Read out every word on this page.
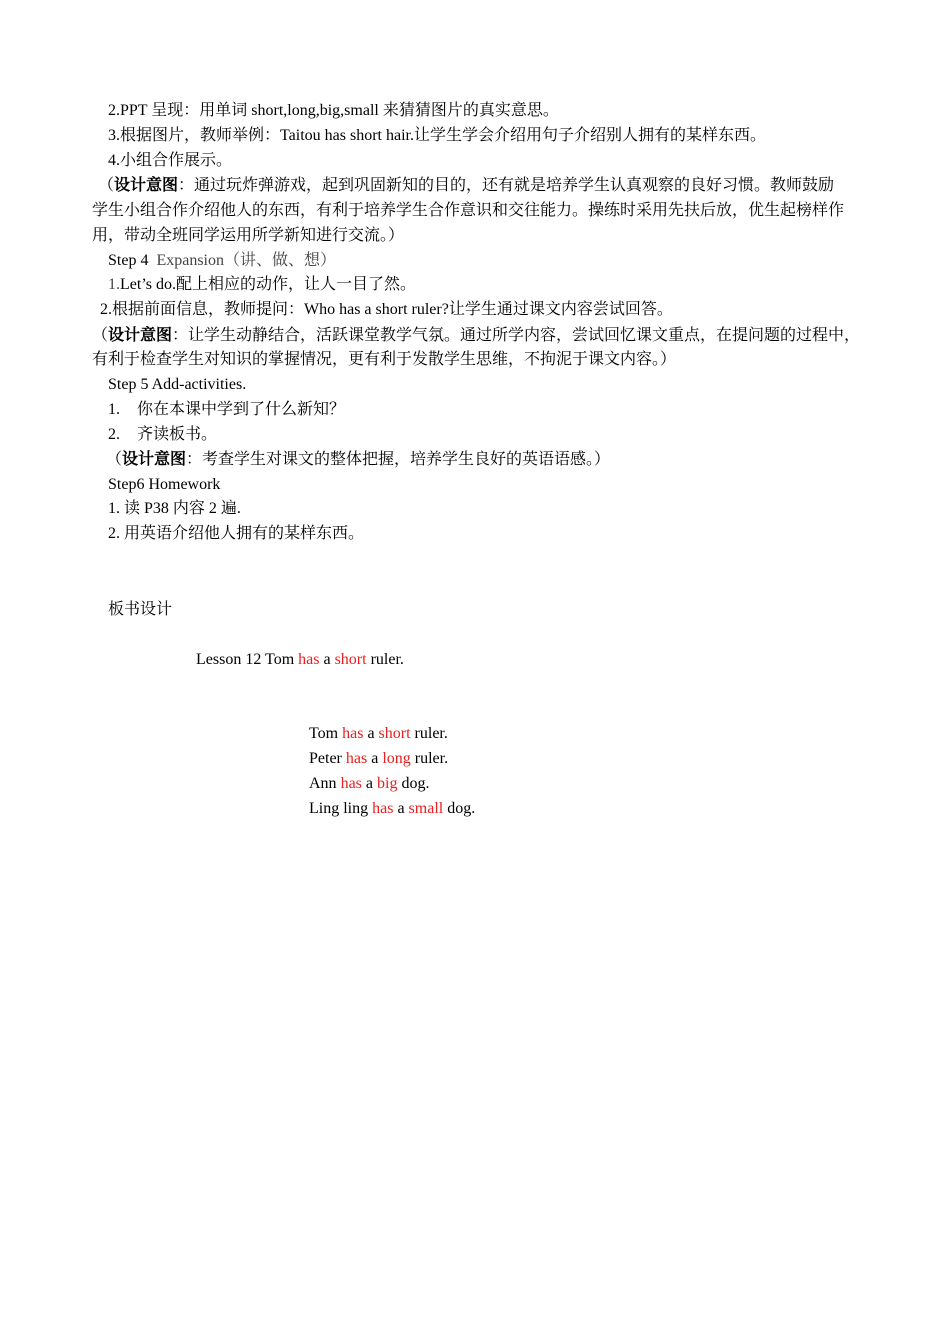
2.PPT 呈现：用单词 short,long,big,small 来猜猜图片的真实意思。
3.根据图片，教师举例：Taitou has short hair.让学生学会介绍用句子介绍别人拥有的某样东西。
4.小组合作展示。
（设计意图：通过玩炸弹游戏，起到巩固新知的目的，还有就是培养学生认真观察的良好习惯。教师鼓励
学生小组合作介绍他人的东西，有利于培养学生合作意识和交往能力。操练时采用先扶后放，优生起榜样作
用，带动全班同学运用所学新知进行交流。）
Step 4 Expansion（讲、做、想）
1.Let’s do.配上相应的动作，让人一目了然。
2.根据前面信息，教师提问：Who has a short ruler?让学生通过课文内容尝试回答。
（设计意图：让学生动静结合，活跃课堂教学气氛。通过所学内容，尝试回忆课文重点，在提问题的过程中，
有利于检查学生对知识的掌握情况，更有利于发散学生思维，不拘泥于课文内容。）
Step 5 Add-activities.
1. 你在本课中学到了什么新知？
2. 齐读板书。
（设计意图：考查学生对课文的整体把握，培养学生良好的英语语感。）
Step6 Homework
1. 读 P38 内容 2 遍.
2. 用英语介绍他人拥有的某样东西。
板书设计
Lesson 12 Tom has a short ruler.
Tom has a short ruler.
Peter has a long ruler.
Ann has a big dog.
Ling ling has a small dog.
